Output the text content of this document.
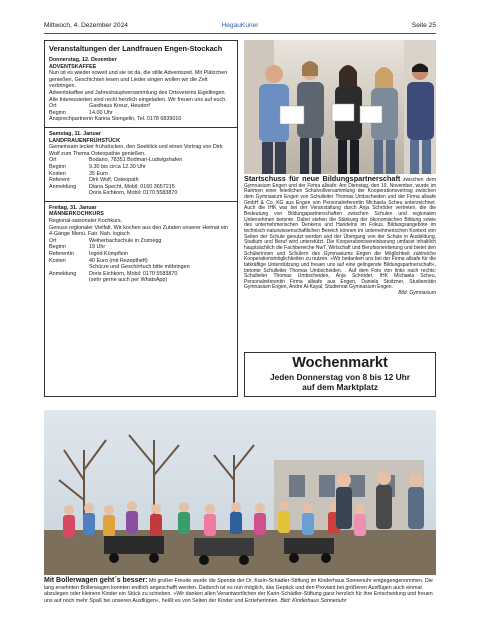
Mittwoch, 4. Dezember 2024	HegauKurier	Seite 25
Veranstaltungen der Landfrauen Engen-Stockach
Donnerstag, 12. Dezember
ADVENTSKAFFEE

Nun ist es wieder soweit und sie ist da, die stille Adventszeit. Mit Plätzchen genießen, Geschichten lesen und Lieder singen wollen wir die Zeit verbringen.

Adventskaffee und Jahreshauptversammlung des Ortsvereins Eigeltingen. Alle Interessierten sind recht herzlich eingeladen. Wir freuen uns auf euch.

Ort	Gasthaus Kreuz, Heudorf
Beginn	14.00 Uhr

Ansprechpartnerin Karina Stengelin, Tel. 0178 6839010

Samstag, 11. Januar
LANDFRAUENFRÜHSTÜCK

Gemeinsam lecker frühstücken, den Seeblick und einen Vortrag von Dirk Wolf zum Thema Osteopathie genießen.

Ort	Bodano, 78351 Bodman-Ludwigshafen
Beginn	9.30 bis circa 12.30 Uhr
Kosten	35 Euro
Referent	Dirk Wolf, Osteopath
Anmeldung	Diana Specht, Mobil: 0160 3657215
Doris Eichkorn, Mobil: 0170 5583870
Freitag, 31. Januar
MÄNNERKOCHKURS

Regional-saisonaler Kochkurs.

Genuss regionaler Vielfalt. Wir kochen aus den Zutaten unserer Heimat ein 4-Gänge Menü. Fair. Nah. logisch

Ort	Weiherbachschule in Zoznegg
Beginn	19 Uhr
Referentin	Ingrid Kümpflein
Kosten	40 Euro (mit Rezeptheft)
Schürze und Geschirrtuch bitte mitbringen
Anmeldung	Doris Eichkorn, Mobil: 0170 5583870
(sehr gerne auch per WhatsApp)
Startschuss für neue Bildungspartnerschaft zwischen dem Gymnasium Engen und der Firma allsafe: Am Dienstag, den 19. November, wurde im Rahmen einer feierlichen Schulvollversammlung der Kooperationsvertrag zwischen dem Gymnasium Engen von Schulleiter Thomas Umbscheiden und der Firma allsafe GmbH & Co. KG aus Engen von Personalreferentin Michaela Scheu unterzeichnet. Auch die IHK war bei der Veranstaltung durch Anja Schröder vertreten, die die Bedeutung von Bildungspartnerschaften zwischen Schulen und regionalen Unternehmen betonte. Dabei stehen die Stärkung der ökonomischen Bildung sowie des unternehmerischen Denkens und Handelns im Fokus. Bildungsangebote im technisch-naturwissenschaftlichen Bereich können im unternehmerischen Kontext von Seiten der Schule genutzt werden und der Übergang von der Schule in Ausbildung, Studium und Beruf wird unterstützt. Die Kooperationsvereinbarung umfasst inhaltlich hauptsächlich die Fachbereiche NwT, Wirtschaft und Berufsorientierung und bietet den Schülerinnen und Schülern des Gymnasiums Engen die Möglichkeit zahlreiche Kooperationsmöglichkeiten zu nutzen. »Wir bedanken uns bei der Firma allsafe für die tatkräftige Unterstützung und freuen uns auf eine gelingende Bildungspartnerschaft«, betonte Schulleiter Thomas Umbscheiden. . Auf dem Foto von links nach rechts: Schulleiter Thomas Umbscheiden, Anja Schröder, IHK Michaela Scheu, Personalreferentin Firma allsafe aus Engen, Daniela Stoitzner, Studienrätin Gymnasium Engen, Andre Al-Kayal, Studienrat Gymnasium Engen.
Bild: Gymnasium
Wochenmarkt
Jeden Donnerstag von 8 bis 12 Uhr
auf dem Marktplatz
Mit Bollerwagen geht´s besser: Mit großer Freude wurde die Spende der Dr. Karin-Schädler-Stiftung im Kinderhaus Sonnenuhr entgegengenommen. Die lang ersehnten Bollerwagen konnten endlich angeschafft werden. Dadurch ist es nun möglich, das Gepäck und den Proviant bei größeren Ausflügen auch einmal abzulegen oder kleinere Kinder ein Stück zu schieben. »Wir danken allen Verantwortlichen der Karin-Schädler-Stiftung ganz herzlich für ihre Entscheidung und freuen uns auf noch mehr Spaß bei unseren Ausflügen«, heißt es von Seiten der Kinder und Erzieherinnen. Bild: Kinderhaus Sonnenuhr
